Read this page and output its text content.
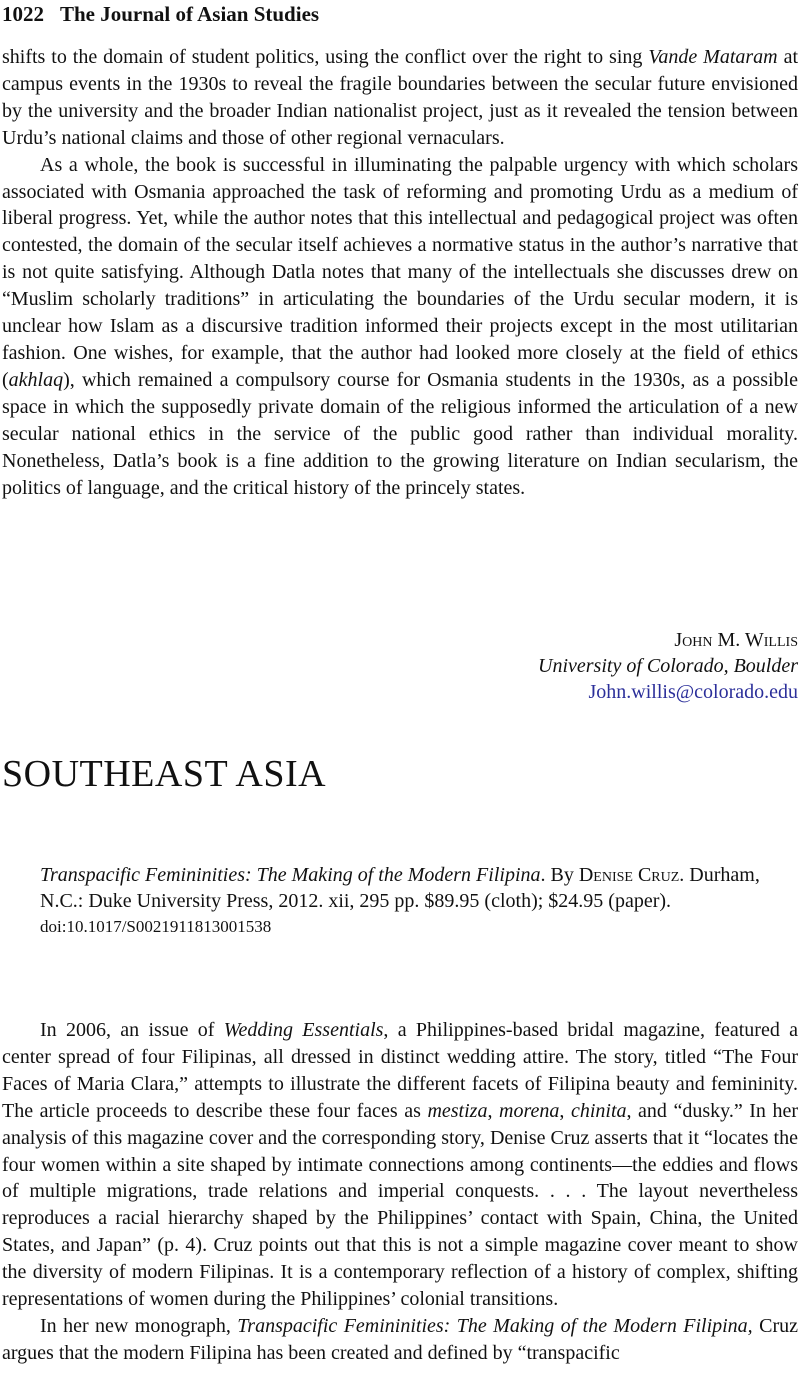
1022 The Journal of Asian Studies

shifts to the domain of student politics, using the conflict over the right to sing Vande Mataram at campus events in the 1930s to reveal the fragile boundaries between the secular future envisioned by the university and the broader Indian nationalist project, just as it revealed the tension between Urdu’s national claims and those of other regional vernaculars.

As a whole, the book is successful in illuminating the palpable urgency with which scholars associated with Osmania approached the task of reforming and promoting Urdu as a medium of liberal progress. Yet, while the author notes that this intellectual and pedagogical project was often contested, the domain of the secular itself achieves a normative status in the author’s narrative that is not quite satisfying. Although Datla notes that many of the intellectuals she discusses drew on “Muslim scholarly traditions” in articulating the boundaries of the Urdu secular modern, it is unclear how Islam as a discursive tradition informed their projects except in the most utilitarian fashion. One wishes, for example, that the author had looked more closely at the field of ethics (akhlaq), which remained a compulsory course for Osmania students in the 1930s, as a possible space in which the supposedly private domain of the religious informed the articulation of a new secular national ethics in the service of the public good rather than individual morality. Nonetheless, Datla’s book is a fine addition to the growing literature on Indian secularism, the politics of language, and the critical history of the princely states.

John M. Willis
University of Colorado, Boulder
John.willis@colorado.edu
SOUTHEAST ASIA
Transpacific Femininities: The Making of the Modern Filipina. By Denise Cruz. Durham, N.C.: Duke University Press, 2012. xii, 295 pp. $89.95 (cloth); $24.95 (paper).
doi:10.1017/S0021911813001538

In 2006, an issue of Wedding Essentials, a Philippines-based bridal magazine, featured a center spread of four Filipinas, all dressed in distinct wedding attire. The story, titled “The Four Faces of Maria Clara,” attempts to illustrate the different facets of Filipina beauty and femininity. The article proceeds to describe these four faces as mestiza, morena, chinita, and “dusky.” In her analysis of this magazine cover and the corresponding story, Denise Cruz asserts that it “locates the four women within a site shaped by intimate connections among continents—the eddies and flows of multiple migrations, trade relations and imperial conquests. . . . The layout nevertheless reproduces a racial hierarchy shaped by the Philippines’ contact with Spain, China, the United States, and Japan” (p. 4). Cruz points out that this is not a simple magazine cover meant to show the diversity of modern Filipinas. It is a contemporary reflection of a history of complex, shifting representations of women during the Philippines’ colonial transitions.

In her new monograph, Transpacific Femininities: The Making of the Modern Filipina, Cruz argues that the modern Filipina has been created and defined by “transpacific
